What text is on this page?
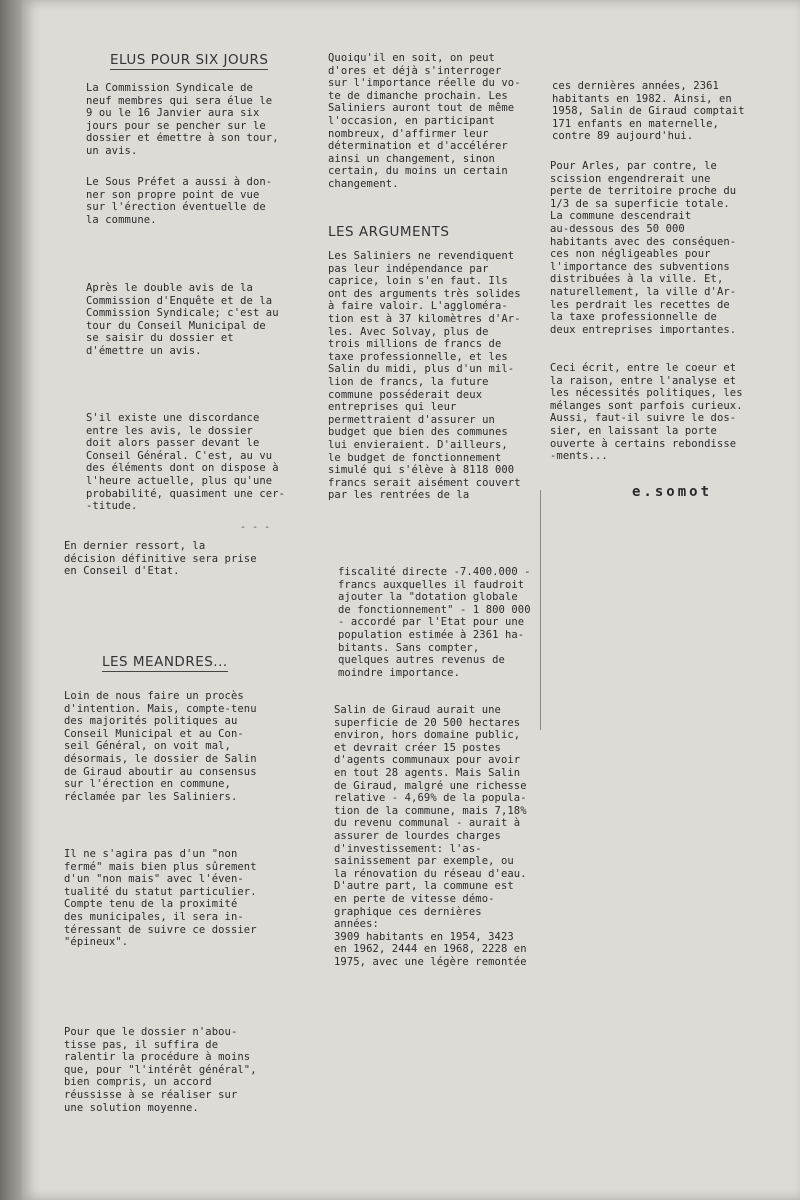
ELUS POUR SIX JOURS

La Commission Syndicale de
neuf membres qui sera élue le
9 ou le 16 Janvier aura six
jours pour se pencher sur le
dossier et émettre à son tour,
un avis.

Le Sous Préfet a aussi à don-
ner son propre point de vue
sur l'érection éventuelle de
la commune.

Après le double avis de la
Commission d'Enquête et de la
Commission Syndicale; c'est au
tour du Conseil Municipal de
se saisir du dossier et
d'émettre un avis.

S'il existe une discordance
entre les avis, le dossier
doit alors passer devant le
Conseil Général. C'est, au vu
des éléments dont on dispose à
l'heure actuelle, plus qu'une
probabilité, quasiment une cer-
-titude.

- - -

En dernier ressort, la
décision définitive sera prise
en Conseil d'Etat.

LES MEANDRES...

Loin de nous faire un procès
d'intention. Mais, compte-tenu
des majorités politiques au
Conseil Municipal et au Con-
seil Général, on voit mal,
désormais, le dossier de Salin
de Giraud aboutir au consensus
sur l'érection en commune,
réclamée par les Saliniers.

Il ne s'agira pas d'un "non
fermé" mais bien plus sûrement
d'un "non mais" avec l'éven-
tualité du statut particulier.
Compte tenu de la proximité
des municipales, il sera in-
téressant de suivre ce dossier
"épineux".

Pour que le dossier n'abou-
tisse pas, il suffira de
ralentir la procédure à moins
que, pour "l'intérêt général",
bien compris, un accord
réussisse à se réaliser sur
une solution moyenne.

Quoiqu'il en soit, on peut
d'ores et déjà s'interroger
sur l'importance réelle du vo-
te de dimanche prochain. Les
Saliniers auront tout de même
l'occasion, en participant
nombreux, d'affirmer leur
détermination et d'accélérer
ainsi un changement, sinon
certain, du moins un certain
changement.

LES ARGUMENTS

Les Saliniers ne revendiquent
pas leur indépendance par
caprice, loin s'en faut. Ils
ont des arguments très solides
à faire valoir. L'aggloméra-
tion est à 37 kilomètres d'Ar-
les. Avec Solvay, plus de
trois millions de francs de
taxe professionnelle, et les
Salin du midi, plus d'un mil-
lion de francs, la future
commune posséderait deux
entreprises qui leur
permettraient d'assurer un
budget que bien des communes
lui envieraient. D'ailleurs,
le budget de fonctionnement
simulé qui s'élève à 8118 000
francs serait aisément couvert
par les rentrées de la

fiscalité directe -7.400.000 -
francs auxquelles il faudroit
ajouter la "dotation globale
de fonctionnement" - 1 800 000
- accordé par l'Etat pour une
population estimée à 2361 ha-
bitants. Sans compter,
quelques autres revenus de
moindre importance.

Salin de Giraud aurait une
superficie de 20 500 hectares
environ, hors domaine public,
et devrait créer 15 postes
d'agents communaux pour avoir
en tout 28 agents. Mais Salin
de Giraud, malgré une richesse
relative - 4,69% de la popula-
tion de la commune, mais 7,18%
du revenu communal - aurait à
assurer de lourdes charges
d'investissement: l'as-
sainissement par exemple, ou
la rénovation du réseau d'eau.
D'autre part, la commune est
en perte de vitesse démo-
graphique ces dernières
années:
3909 habitants en 1954, 3423
en 1962, 2444 en 1968, 2228 en
1975, avec une légère remontée

ces dernières années, 2361
habitants en 1982. Ainsi, en
1958, Salin de Giraud comptait
171 enfants en maternelle,
contre 89 aujourd'hui.

Pour Arles, par contre, le
scission engendrerait une
perte de territoire proche du
1/3 de sa superficie totale.
La commune descendrait
au-dessous des 50 000
habitants avec des conséquen-
ces non négligeables pour
l'importance des subventions
distribuées à la ville. Et,
naturellement, la ville d'Ar-
les perdrait les recettes de
la taxe professionnelle de
deux entreprises importantes.

Ceci écrit, entre le coeur et
la raison, entre l'analyse et
les nécessités politiques, les
mélanges sont parfois curieux.
Aussi, faut-il suivre le dos-
sier, en laissant la porte
ouverte à certains rebondisse
-ments...

e.somot
